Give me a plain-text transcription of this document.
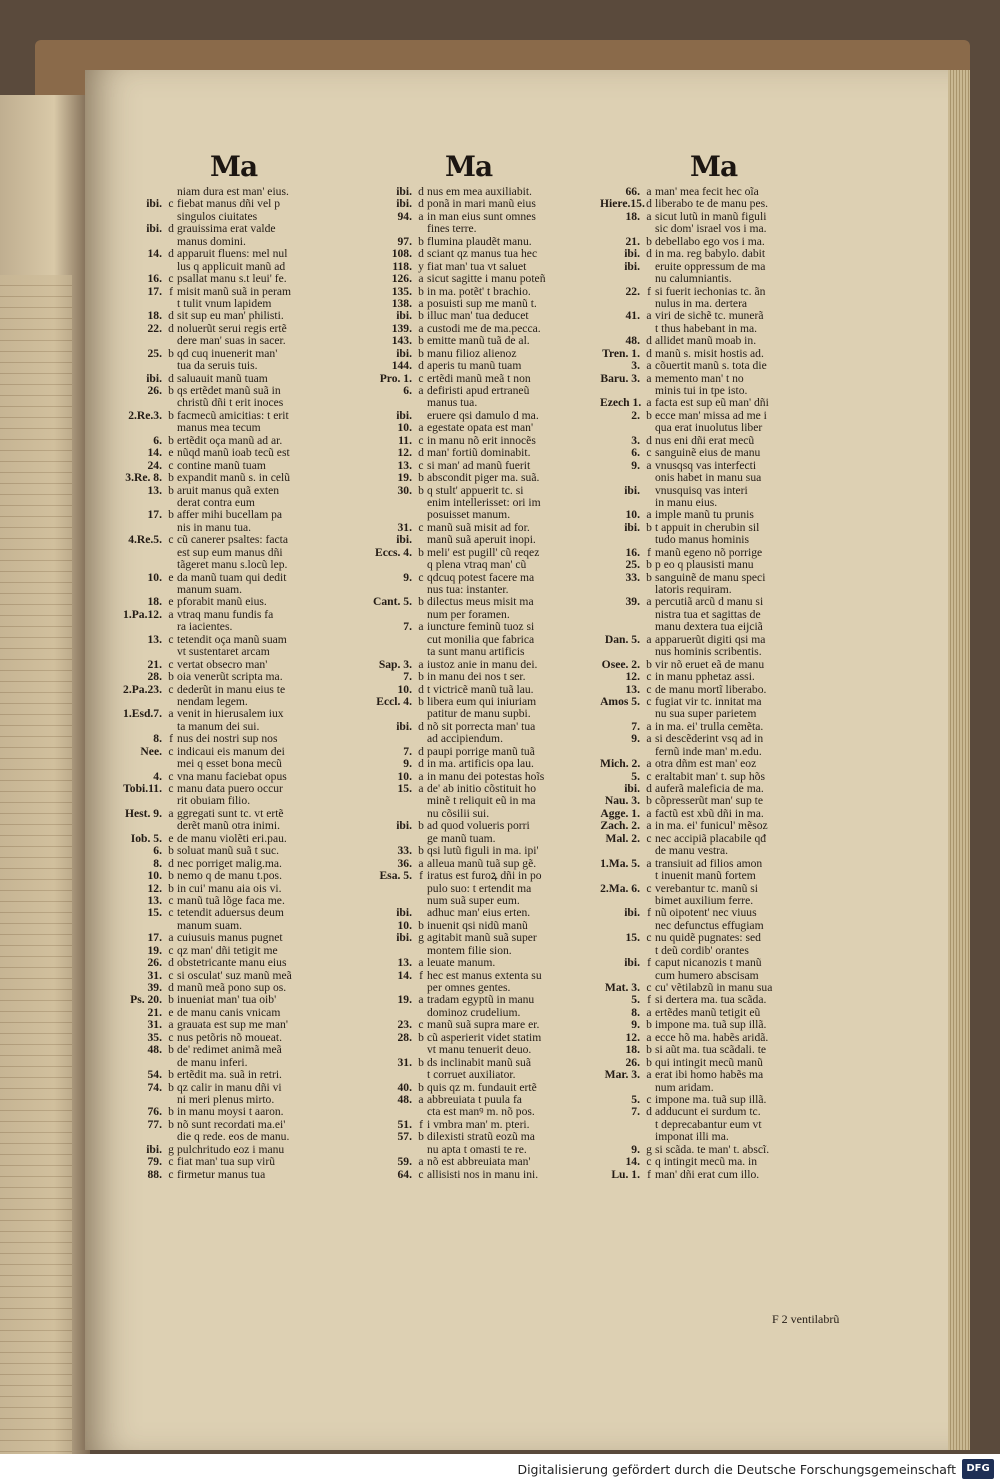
Ma	Ma	Ma
niam dura est man' eius.
ibi. c fiebat manus dñi vel p
singulos ciuitates
ibi. d grauissima erat valde
manus domini.
14. d apparuit fluens: mel nul
lus q applicuit manũ ad
16. c psallat manu s.t leui' fe.
17. f misit manũ suã in peram
t tulit vnum lapidem
18. d sit sup eu man' philisti.
22. d noluerũt serui regis ertẽ
dere man' suas in sacer.
25. b qd cuq inuenerit man'
tua da seruis tuis.
ibi. d saluauit manũ tuam
26. b qs ertẽdet manũ suã in
christũ dñi t erit inoces
2.Re.3. b facmecũ amicitias: t erit
manus mea tecum
6. b ertẽdit oça manũ ad ar.
14. e nũqd manũ ioab tecũ est
24. c contine manũ tuam
3.Re. 8. b expandit manũ s. in celũ
13. b aruit manus quã exten
derat contra eum
17. b affer mihi bucellam pa
nis in manu tua.
4.Re.5. c cũ canerer psaltes: facta
est sup eum manus dñi
tãgeret manu s.locũ lep.
10. e da manũ tuam qui dedit
manum suam.
18. e pforabit manũ eius.
1.Pa.12. a vtraq manu fundis fa
ra iacientes.
13. c tetendit oça manũ suam
vt sustentaret arcam
21. c vertat obsecro man'
28. b oia venerũt scripta ma.
2.Pa.23. c dederũt in manu eius te
nendam legem.
1.Esd.7. a venit in hierusalem iux
ta manum dei sui.
8. f nus dei nostri sup nos
Nee. c indicaui eis manum dei
mei q esset bona mecũ
4. c vna manu faciebat opus
Tobi.11. c manu data puero occur
rit obuiam filio.
Hest. 9. a ggregati sunt tc. vt ertẽ
derẽt manũ otra inimi.
Iob. 5. e de manu violẽti eri.pau.
6. b soluat manũ suã t suc.
8. d nec porriget malig.ma.
10. b nemo q de manu t.pos.
12. b in cui' manu aia ois vi.
13. c manũ tuã lõge faca me.
15. c tetendit aduersus deum
manum suam.
17. a cuiusuis manus pugnet
19. c qz man' dñi tetigit me
26. d obstetricante manu eius
31. c si osculat' suz manũ meã
39. d manũ meã pono sup os.
Ps. 20. b inueniat man' tua oib'
21. e de manu canis vnicam
31. a grauata est sup me man'
35. c nus petõris nõ moueat.
48. b de' redimet animã meã
de manu inferi.
54. b ertẽdit ma. suã in retri.
74. b qz calir in manu dñi vi
ni meri plenus mirto.
76. b in manu moysi t aaron.
77. b nõ sunt recordati ma.ei'
die q rede. eos de manu.
ibi. g pulchritudo eoz i manu
79. c fiat man' tua sup virũ
88. c firmetur manus tua
ibi. d nus em mea auxiliabit.
ibi. d ponã in mari manũ eius
94. a in man eius sunt omnes
fines terre.
97. b flumina plaudẽt manu.
108. d sciant qz manus tua hec
118. y fiat man' tua vt saluet
126. a sicut sagitte i manu poteñ
135. b in ma. potẽt' t brachio.
138. a posuisti sup me manũ t.
ibi. b illuc man' tua deducet
139. a custodi me de ma.pecca.
143. b emitte manũ tuã de al.
ibi. b manu filioz alienoz
144. d aperis tu manũ tuam
Pro. 1. c ertẽdi manũ meã t non
6. a defiristi apud ertraneũ
manus tua.
ibi. eruere qsi damulo d ma.
10. a egestate opata est man'
11. c in manu nõ erit innocẽs
12. d man' fortiũ dominabit.
13. c si man' ad manũ fuerit
19. b abscondit piger ma. suã.
30. b q stult' appuerit tc. si
enim intellerisset: ori im
posuisset manum.
31. c manũ suã misit ad for.
ibi. manũ suã aperuit inopi.
Eccs. 4. b meli' est pugill' cũ reqez
q plena vtraq man' cũ
9. c qdcuq potest facere ma
nus tua: instanter.
Cant. 5. b dilectus meus misit ma
num per foramen.
7. a iuncture feminũ tuoz si
cut monilia que fabrica
ta sunt manu artificis
Sap. 3. a iustoz anie in manu dei.
7. b in manu dei nos t ser.
10. d t victricẽ manũ tuã lau.
Eccl. 4. b libera eum qui iniuriam
patitur de manu supbi.
ibi. d nõ sit porrecta man' tua
ad accipiendum.
7. d paupi porrige manũ tuã
9. d in ma. artificis opa lau.
10. a in manu dei potestas hoĩs
15. a de' ab initio cõstituit ho
minẽ t reliquit eũ in ma
nu cõsilii sui.
ibi. b ad quod volueris porri
ge manũ tuam.
33. b qsi lutũ figuli in ma. ipi'
36. a alleua manũ tuã sup gẽ.
Esa. 5. f iratus est furoꝝ dñi in po
pulo suo: t ertendit ma
num suã super eum.
ibi. adhuc man' eius erten.
10. b inuenit qsi nidũ manũ
ibi. g agitabit manũ suã super
montem filie sion.
13. a leuate manum.
14. f hec est manus extenta su
per omnes gentes.
19. a tradam egyptũ in manu
dominoz crudelium.
23. c manũ suã supra mare er.
28. b cũ asperierit videt statim
vt manu tenuerit deuo.
31. b ds inclinabit manũ suã
t corruet auxiliator.
40. b quis qz m. fundauit ertẽ
48. a abbreuiata t puula fa
cta est manꝰ m. nõ pos.
51. f i vmbra man' m. pteri.
57. b dilexisti stratũ eozũ ma
nu apta t omasti te re.
59. a nõ est abbreuiata man'
64. c allisisti nos in manu ini.
66. a man' mea fecit hec oĩa
Hiere.15. d liberabo te de manu pes.
18. a sicut lutũ in manũ figuli
sic dom' israel vos i ma.
21. b debellabo ego vos i ma.
ibi. d in ma. reg babylo. dabit
ibi. eruite oppressum de ma
nu calumniantis.
22. f si fuerit iechonias tc. ãn
nulus in ma. dertera
41. a viri de sichẽ tc. munerã
t thus habebant in ma.
48. d allidet manũ moab in.
Tren. 1. d manũ s. misit hostis ad.
3. a cõuertit manũ s. tota die
Baru. 3. a memento man' t no
minis tui in tpe isto.
Ezech 1. a facta est sup eũ man' dñi
2. b ecce man' missa ad me i
qua erat inuolutus liber
3. d nus eni dñi erat mecũ
6. c sanguinẽ eius de manu
9. a vnusqsq vas interfecti
onis habet in manu sua
ibi. vnusquisq vas interi
in manu eius.
10. a imple manũ tu prunis
ibi. b t appuit in cherubin sil
tudo manus hominis
16. f manũ egeno nõ porrige
25. b p eo q plausisti manu
33. b sanguinẽ de manu speci
latoris requiram.
39. a percutiã arcũ d manu si
nistra tua et sagittas de
manu dextera tua eijciã
Dan. 5. a apparuerũt digiti qsi ma
nus hominis scribentis.
Osee. 2. b vir nõ eruet eã de manu
12. c in manu pphetaz assi.
13. c de manu mortĩ liberabo.
Amos 5. c fugiat vir tc. innitat ma
nu sua super parietem
7. a in ma. ei' trulla cemẽta.
9. a si descẽderint vsq ad in
fernũ inde man' m.edu.
Mich. 2. a otra dñm est man' eoz
5. c eraltabit man' t. sup hõs
ibi. d auferã maleficia de ma.
Nau. 3. b cõpresserũt man' sup te
Agge. 1. a factũ est xbũ dñi in ma.
Zach. 2. a in ma. ei' funicul' mẽsoz
Mal. 2. c nec accipiã placabile qđ
de manu vestra.
1.Ma. 5. a transiuit ad filios amon
t inuenit manũ fortem
2.Ma. 6. c verebantur tc. manũ si
bimet auxilium ferre.
ibi. f nũ oipotent' nec viuus
nec defunctus effugiam
15. c nu quidẽ pugnates: sed
t deũ cordib' orantes
ibi. f caput nicanozis t manũ
cum humero abscisam
Mat. 3. c cu' vẽtilabzũ in manu sua
5. f si dertera ma. tua scãda.
8. a ertẽdes manũ tetigit eũ
9. b impone ma. tuã sup illã.
12. a ecce hõ ma. habẽs aridã.
18. b si aũt ma. tua scãdali. te
26. b qui intingit mecũ manũ
Mar. 3. a erat ibi homo habẽs ma
num aridam.
5. c impone ma. tuã sup illã.
7. d adducunt ei surdum tc.
t deprecabantur eum vt
imponat illi ma.
9. g si scãda. te man' t. abscĩ.
14. c q intingit mecũ ma. in
Lu. 1. f man' dñi erat cum illo.
F 2 ventilabrũ
Digitalisierung gefördert durch die Deutsche Forschungsgemeinschaft	DFG
